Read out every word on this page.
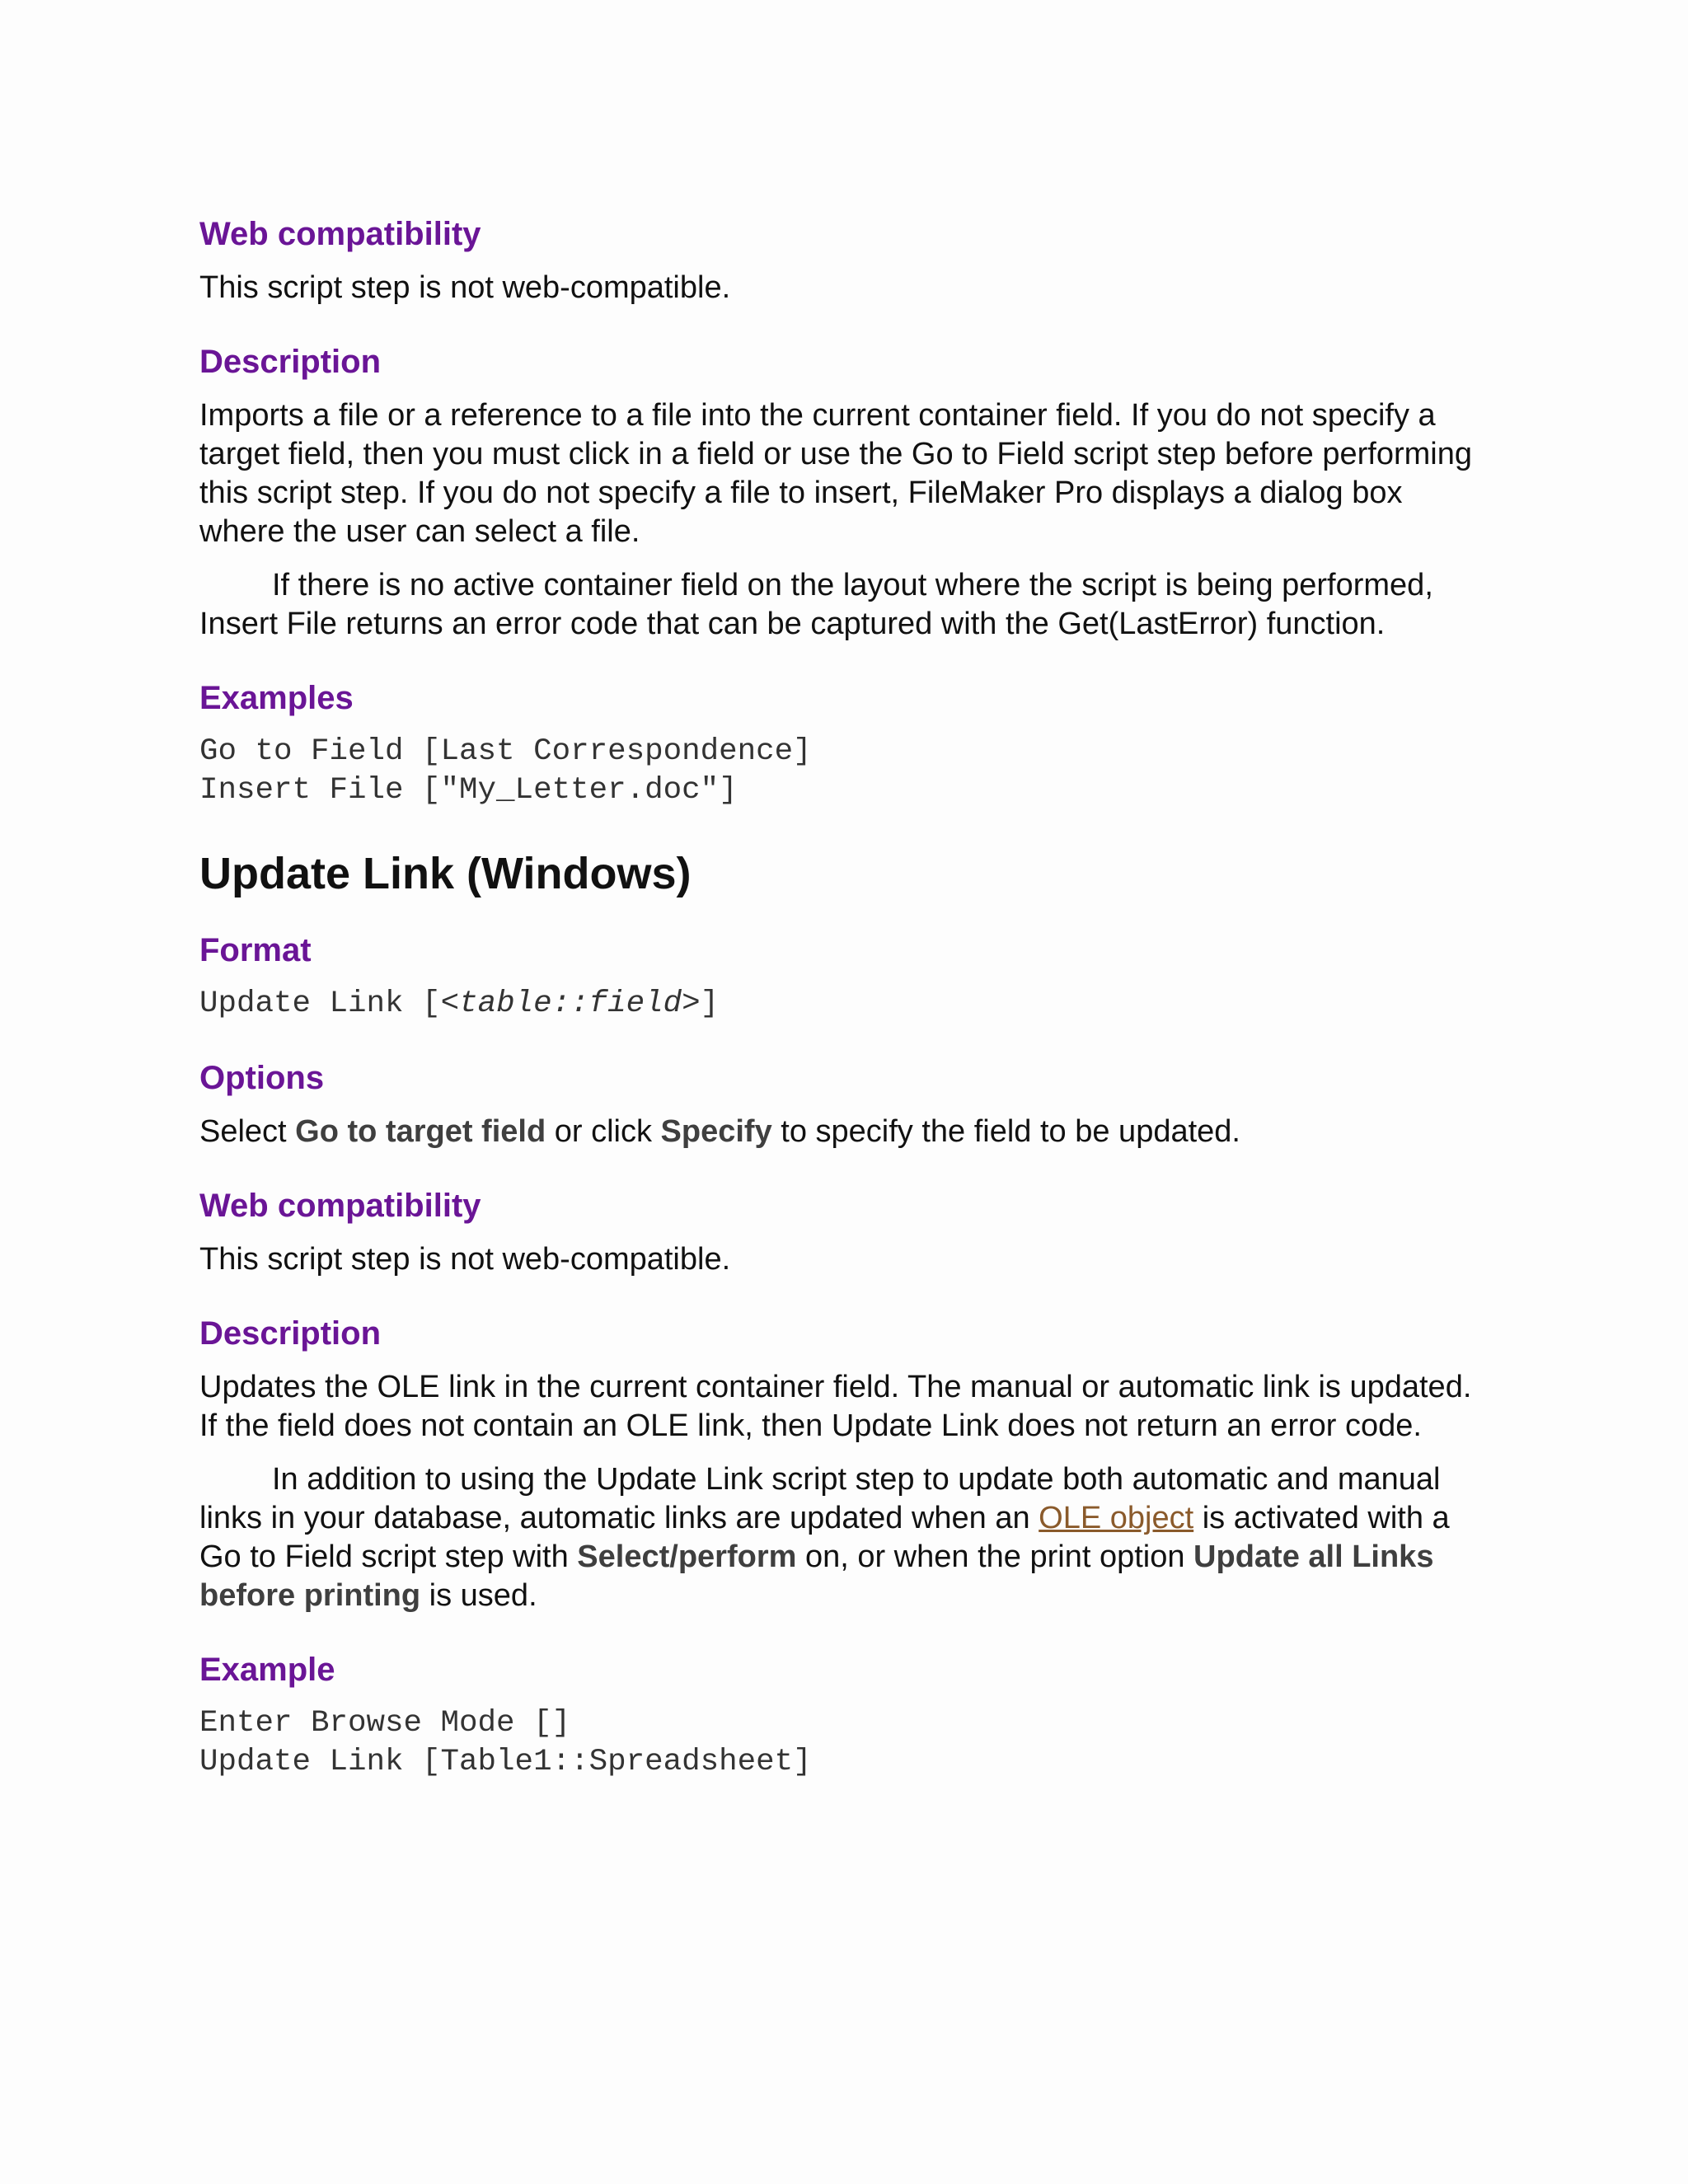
Web compatibility

This script step is not web-compatible.

Description

Imports a file or a reference to a file into the current container field. If you do not specify a target field, then you must click in a field or use the Go to Field script step before performing this script step. If you do not specify a file to insert, FileMaker Pro displays a dialog box where the user can select a file.

If there is no active container field on the layout where the script is being performed, Insert File returns an error code that can be captured with the Get(LastError) function.

Examples
Go to Field [Last Correspondence]
Insert File ["My_Letter.doc"]
Update Link (Windows)
Format
Update Link [<table::field>]
Options

Select Go to target field or click Specify to specify the field to be updated.

Web compatibility

This script step is not web-compatible.

Description

Updates the OLE link in the current container field. The manual or automatic link is updated. If the field does not contain an OLE link, then Update Link does not return an error code.

In addition to using the Update Link script step to update both automatic and manual links in your database, automatic links are updated when an OLE object is activated with a Go to Field script step with Select/perform on, or when the print option Update all Links before printing is used.

Example
Enter Browse Mode []
Update Link [Table1::Spreadsheet]
